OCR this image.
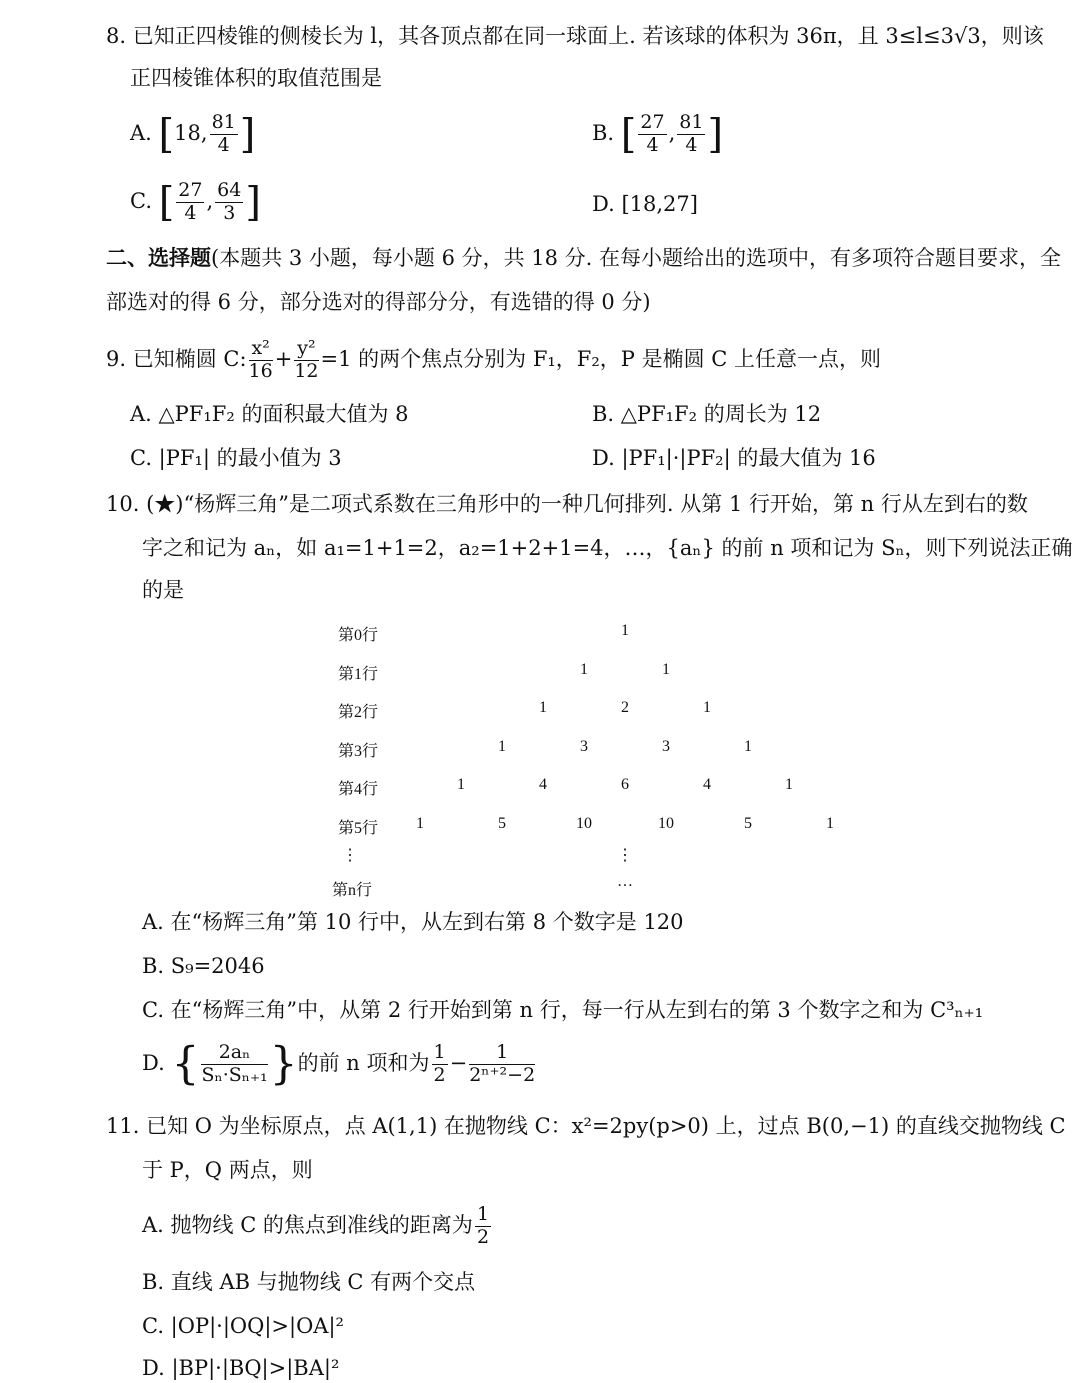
8. 已知正四棱锥的侧棱长为 l，其各顶点都在同一球面上. 若该球的体积为 36π，且 3≤l≤3√3，则该
正四棱锥体积的取值范围是
A. [18, $\frac{81}{4}$ ]	B. [ $\frac{27}{4}$ , $\frac{81}{4}$ ]
C. [ $\frac{27}{4}$ , $\frac{64}{3}$ ]	D. [18,27]
二、选择题(本题共 3 小题，每小题 6 分，共 18 分. 在每小题给出的选项中，有多项符合题目要求，全
部选对的得 6 分，部分选对的得部分分，有选错的得 0 分)
9. 已知椭圆 C: $\frac{\text{x²}}{16} + \frac{\text{y²}}{12} =1$ 的两个焦点分别为 F₁，F₂，P 是椭圆 C 上任意一点，则
A. △PF₁F₂ 的面积最大值为 8	B. △PF₁F₂ 的周长为 12
C. |PF₁| 的最小值为 3	D. |PF₁|·|PF₂| 的最大值为 16
10. (★)“杨辉三角”是二项式系数在三角形中的一种几何排列. 从第 1 行开始，第 n 行从左到右的数
字之和记为 aₙ，如 a₁=1+1=2，a₂=1+2+1=4，…，{aₙ} 的前 n 项和记为 Sₙ，则下列说法正确
的是
第0行	1
第1行	1	1
第2行	1	2	1
第3行	1	3	3	1
第4行	1	4	6	4	1
第5行 1	5	10	10	5	1
⋮	⋮
第n行
…
A. 在“杨辉三角”第 10 行中，从左到右第 8 个数字是 120
B. S₉=2046
C. 在“杨辉三角”中，从第 2 行开始到第 n 行，每一行从左到右的第 3 个数字之和为 C³ₙ₊₁
D. { $\frac{\text{2aₙ}}{\text{Sₙ·Sₙ₊₁}}$ }的前 n 项和为 $\frac{1}{2} - \frac{1}{\text{2ⁿ⁺²−2}}$
11. 已知 O 为坐标原点，点 A(1,1) 在抛物线 C：x²=2py(p>0) 上，过点 B(0,−1) 的直线交抛物线 C
于 P，Q 两点，则
A. 抛物线 C 的焦点到准线的距离为 $\frac{1}{2}$
B. 直线 AB 与抛物线 C 有两个交点
C. |OP|·|OQ|>|OA|²
D. |BP|·|BQ|>|BA|²
